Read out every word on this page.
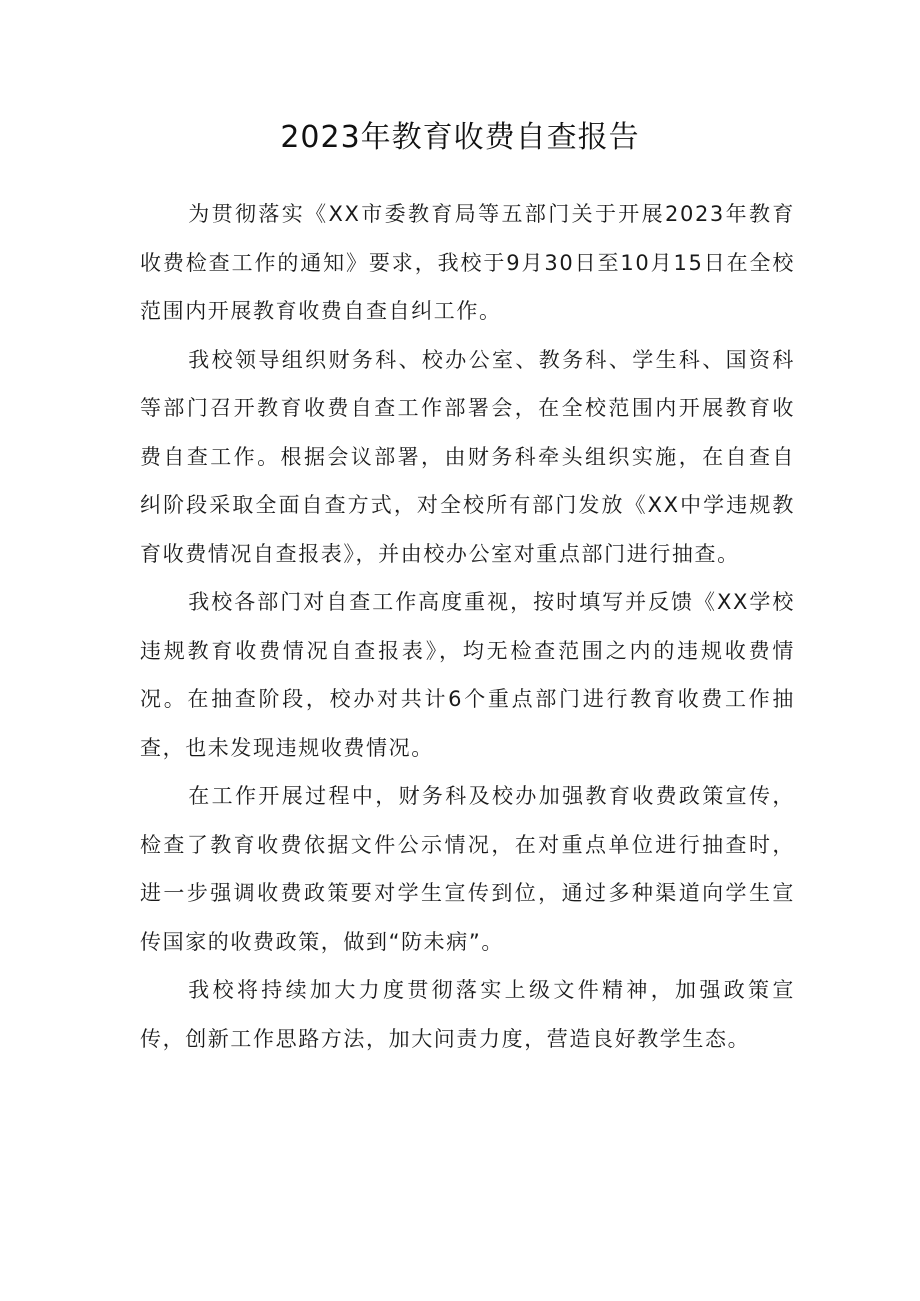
2023年教育收费自查报告

为贯彻落实《XX市委教育局等五部门关于开展2023年教育收费检查工作的通知》要求，我校于9月30日至10月15日在全校范围内开展教育收费自查自纠工作。

我校领导组织财务科、校办公室、教务科、学生科、国资科等部门召开教育收费自查工作部署会，在全校范围内开展教育收费自查工作。根据会议部署，由财务科牵头组织实施，在自查自纠阶段采取全面自查方式，对全校所有部门发放《XX中学违规教育收费情况自查报表》，并由校办公室对重点部门进行抽查。

我校各部门对自查工作高度重视，按时填写并反馈《XX学校违规教育收费情况自查报表》，均无检查范围之内的违规收费情况。在抽查阶段，校办对共计6个重点部门进行教育收费工作抽查，也未发现违规收费情况。

在工作开展过程中，财务科及校办加强教育收费政策宣传，检查了教育收费依据文件公示情况，在对重点单位进行抽查时，进一步强调收费政策要对学生宣传到位，通过多种渠道向学生宣传国家的收费政策，做到“防未病”。

我校将持续加大力度贯彻落实上级文件精神，加强政策宣传，创新工作思路方法，加大问责力度，营造良好教学生态。
